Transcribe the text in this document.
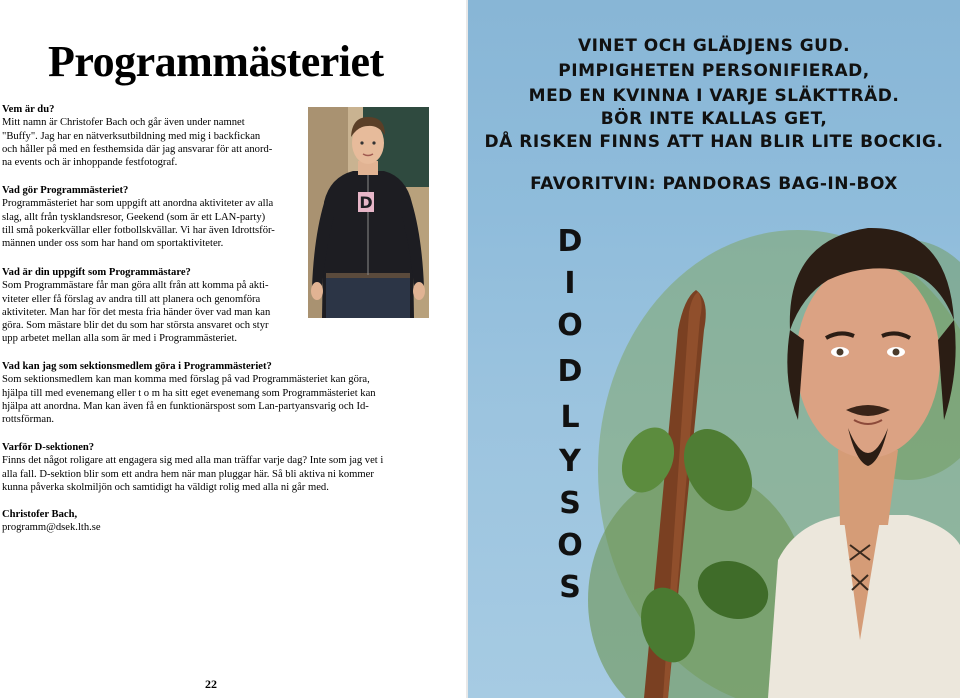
Programmästeriet
Vem är du?
Mitt namn är Christofer Bach och går även under namnet
"Buffy". Jag har en nätverksutbildning med mig i backfickan
och håller på med en festhemsida där jag ansvarar för att anord-
na events och är inhoppande festfotograf.
Vad gör Programmästeriet?
Programmästeriet har som uppgift att anordna aktiviteter av alla
slag, allt från tysklandsresor, Geekend (som är ett LAN-party)
till små pokerkvällar eller fotbollskvällar. Vi har även Idrottsför-
männen under oss som har hand om sportaktiviteter.
Vad är din uppgift som Programmästare?
Som Programmästare får man göra allt från att komma på akti-
viteter eller få förslag av andra till att planera och genomföra
aktiviteter. Man har för det mesta fria händer över vad man kan
göra. Som mästare blir det du som har största ansvaret och styr
upp arbetet mellan alla som är med i Programmästeriet.
Vad kan jag som sektionsmedlem göra i Programmästeriet?
Som sektionsmedlem kan man komma med förslag på vad Programmästeriet kan göra,
hjälpa till med evenemang eller t o m ha sitt eget evenemang som Programmästeriet kan
hjälpa att anordna. Man kan även få en funktionärspost som Lan-partyansvarig och Id-
rottsförman.
Varför D-sektionen?
Finns det något roligare att engagera sig med alla man träffar varje dag? Inte som jag vet i
alla fall. D-sektion blir som ett andra hem när man pluggar här. Så bli aktiva ni kommer
kunna påverka skolmiljön och samtidigt ha väldigt rolig med alla ni går med.
Christofer Bach,
programm@dsek.lth.se
D
22
VINET OCH GLÄDJENS GUD.
PIMPIGHETEN PERSONIFIERAD,
MED EN KVINNA I VARJE SLÄKTTRÄD.
BÖR INTE KALLAS GET,
DÅ RISKEN FINNS ATT HAN BLIR LITE BOCKIG.
FAVORITVIN: PANDORAS BAG-IN-BOX
D
I
O
D
L
Y
S
O
S
